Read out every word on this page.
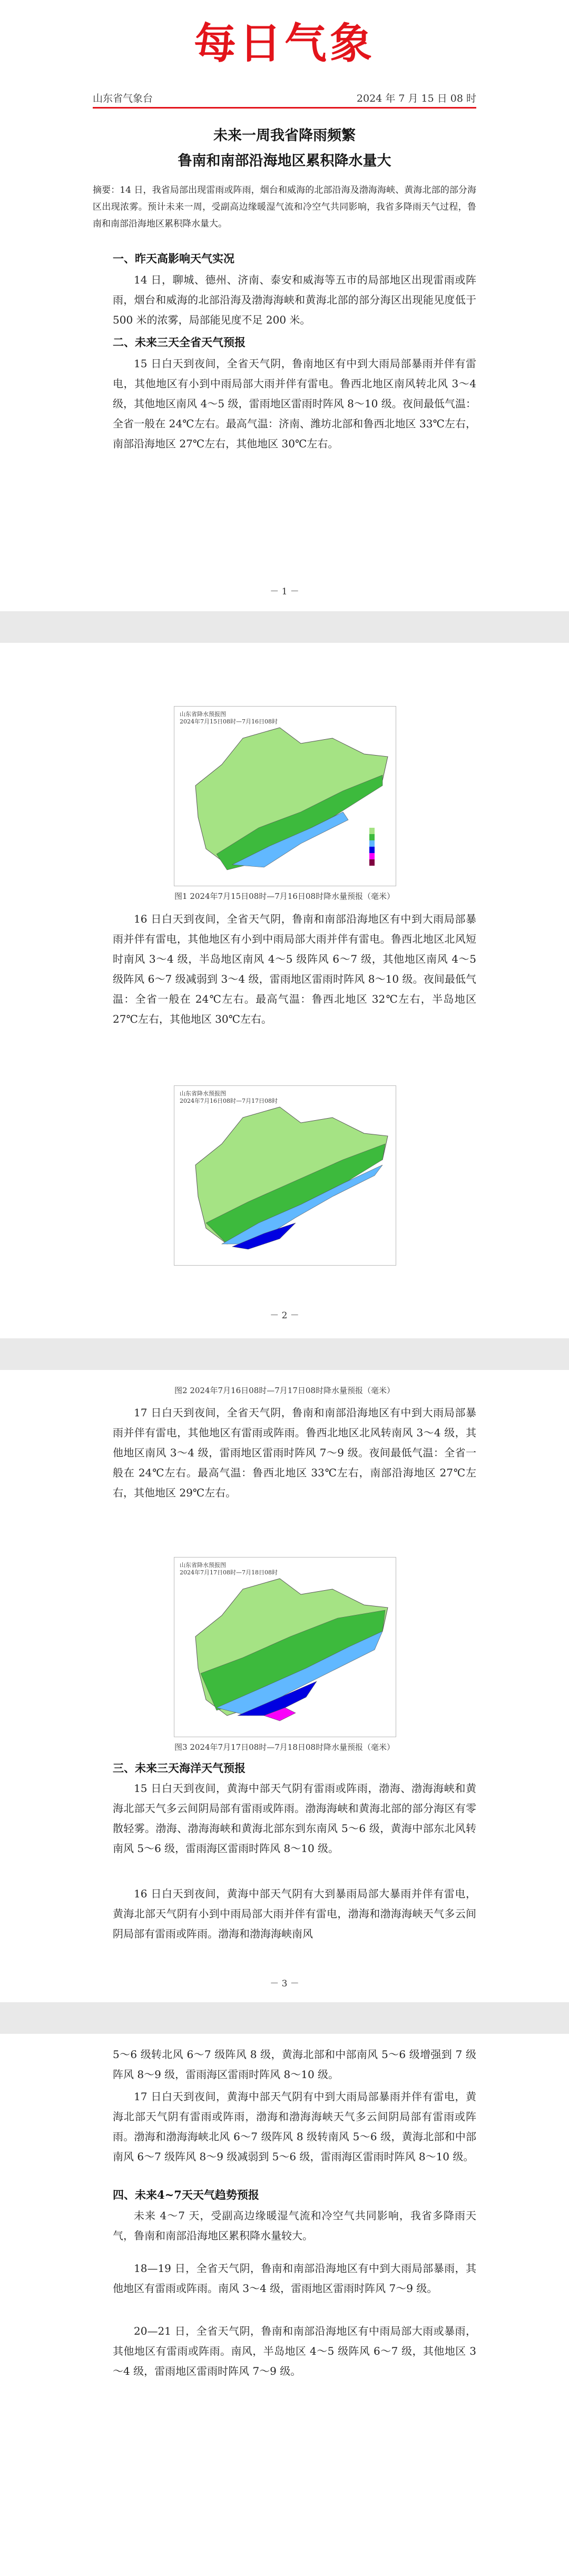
每日气象
山东省气象台	2024 年 7 月 15 日 08 时
未来一周我省降雨频繁
鲁南和南部沿海地区累积降水量大
摘要：14 日，我省局部出现雷雨或阵雨，烟台和威海的北部沿海及渤海海峡、黄海北部的部分海区出现浓雾。预计未来一周，受副高边缘暖湿气流和冷空气共同影响，我省多降雨天气过程，鲁南和南部沿海地区累积降水量大。
一、昨天高影响天气实况
14 日，聊城、德州、济南、泰安和威海等五市的局部地区出现雷雨或阵雨，烟台和威海的北部沿海及渤海海峡和黄海北部的部分海区出现能见度低于 500 米的浓雾，局部能见度不足 200 米。
二、未来三天全省天气预报
15 日白天到夜间，全省天气阴，鲁南地区有中到大雨局部暴雨并伴有雷电，其他地区有小到中雨局部大雨并伴有雷电。鲁西北地区南风转北风 3～4 级，其他地区南风 4～5 级，雷雨地区雷雨时阵风 8～10 级。夜间最低气温：全省一般在 24℃左右。最高气温：济南、潍坊北部和鲁西北地区 33℃左右，南部沿海地区 27℃左右，其他地区 30℃左右。
－ 1 －
山东省降水预报图
2024年7月15日08时—7月16日08时
图1 2024年7月15日08时—7月16日08时降水量预报（毫米）
16 日白天到夜间，全省天气阴，鲁南和南部沿海地区有中到大雨局部暴雨并伴有雷电，其他地区有小到中雨局部大雨并伴有雷电。鲁西北地区北风短时南风 3～4 级，半岛地区南风 4～5 级阵风 6～7 级，其他地区南风 4～5 级阵风 6～7 级减弱到 3～4 级，雷雨地区雷雨时阵风 8～10 级。夜间最低气温：全省一般在 24℃左右。最高气温：鲁西北地区 32℃左右，半岛地区 27℃左右，其他地区 30℃左右。
山东省降水预报图
2024年7月16日08时—7月17日08时
－ 2 －
图2 2024年7月16日08时—7月17日08时降水量预报（毫米）
17 日白天到夜间，全省天气阴，鲁南和南部沿海地区有中到大雨局部暴雨并伴有雷电，其他地区有雷雨或阵雨。鲁西北地区北风转南风 3～4 级，其他地区南风 3～4 级，雷雨地区雷雨时阵风 7～9 级。夜间最低气温：全省一般在 24℃左右。最高气温：鲁西北地区 33℃左右，南部沿海地区 27℃左右，其他地区 29℃左右。
山东省降水预报图
2024年7月17日08时—7月18日08时
图3 2024年7月17日08时—7月18日08时降水量预报（毫米）
三、未来三天海洋天气预报
15 日白天到夜间，黄海中部天气阴有雷雨或阵雨，渤海、渤海海峡和黄海北部天气多云间阴局部有雷雨或阵雨。渤海海峡和黄海北部的部分海区有零散轻雾。渤海、渤海海峡和黄海北部东到东南风 5～6 级，黄海中部东北风转南风 5～6 级，雷雨海区雷雨时阵风 8～10 级。
16 日白天到夜间，黄海中部天气阴有大到暴雨局部大暴雨并伴有雷电，黄海北部天气阴有小到中雨局部大雨并伴有雷电，渤海和渤海海峡天气多云间阴局部有雷雨或阵雨。渤海和渤海海峡南风
－ 3 －
5～6 级转北风 6～7 级阵风 8 级，黄海北部和中部南风 5～6 级增强到 7 级阵风 8～9 级，雷雨海区雷雨时阵风 8～10 级。
17 日白天到夜间，黄海中部天气阴有中到大雨局部暴雨并伴有雷电，黄海北部天气阴有雷雨或阵雨，渤海和渤海海峡天气多云间阴局部有雷雨或阵雨。渤海和渤海海峡北风 6～7 级阵风 8 级转南风 5～6 级，黄海北部和中部南风 6～7 级阵风 8～9 级减弱到 5～6 级，雷雨海区雷雨时阵风 8～10 级。
四、未来4~7天天气趋势预报
未来 4～7 天，受副高边缘暖湿气流和冷空气共同影响，我省多降雨天气，鲁南和南部沿海地区累积降水量较大。
18—19 日，全省天气阴，鲁南和南部沿海地区有中到大雨局部暴雨，其他地区有雷雨或阵雨。南风 3～4 级，雷雨地区雷雨时阵风 7～9 级。
20—21 日，全省天气阴，鲁南和南部沿海地区有中雨局部大雨或暴雨，其他地区有雷雨或阵雨。南风，半岛地区 4～5 级阵风 6～7 级，其他地区 3～4 级，雷雨地区雷雨时阵风 7～9 级。
